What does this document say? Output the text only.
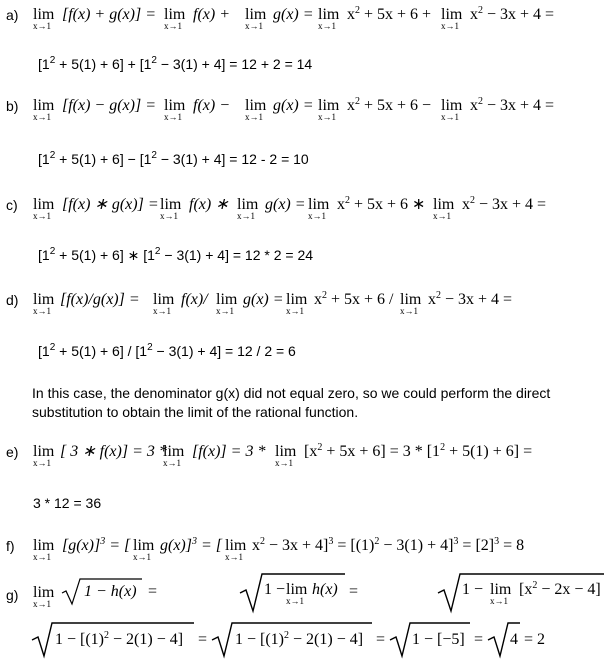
a) lim
x→1
[f(x) + g(x)] = lim
x→1
f(x) + lim
x→1
g(x) = lim
x→1
$x^2 + 5x + 6 + \lim$
x→1
$x^2 - 3x + 4$ =
$[1^2 + 5(1) + 6] + [1^2 - 3(1) + 4] = 12 + 2 = 14$
b) lim
x→1
[f(x) − g(x)] = lim
x→1
f(x) − lim
x→1
g(x) = lim
x→1
$x^2 + 5x + 6 - \lim$
x→1
$x^2 - 3x + 4$ =
$[1^2 + 5(1) + 6] - [1^2 - 3(1) + 4] = 12 - 2 = 10$
c) lim
x→1
[f(x) ∗ g(x)] = lim
x→1
f(x) ∗ lim
x→1
g(x) = lim
x→1
$x^2 + 5x + 6$ ∗ lim
x→1
$x^2 - 3x + 4$ =
$[1^2 + 5(1) + 6]$ ∗ $[1^2 - 3(1) + 4] = 12 * 2 = 24$
d) lim
x→1
[f(x)/g(x)] = lim
x→1
f(x)/ lim
x→1
g(x) = lim
x→1
$x^2 + 5x + 6 / \lim$
x→1
$x^2 - 3x + 4$ =
$[1^2 + 5(1) + 6] / [1^2 - 3(1) + 4] = 12 / 2 = 6$
In this case, the denominator g(x) did not equal zero, so we could perform the direct substitution to obtain the limit of the rational function.
e) lim
x→1
[ 3 ∗ f(x)] = 3 *
lim
x→1
[f(x)] = 3 * lim
x→1
$[x^2 + 5x + 6] = 3 * [1^2 + 5(1) + 6]$ =
3 * 12 = 36
f) lim
x→1
$[g(x)]^3$ = [ lim
x→1
g(x)]$^3$ = [ lim
x→1
$x^2 - 3x + 4]^3 = [(1)^2 - 3(1) + 4]^3 = [2]^3 = 8$
g) lim
x→1
1 − h(x) =	1 − lim
x→1
h(x) =	1 − lim
x→1
$[x^2 - 2x - 4]$
$1 - [(1)^2 - 2(1) - 4] = 1 - [(1)^2 - 2(1) - 4] = 1 - [-5] = 4 = 2$
